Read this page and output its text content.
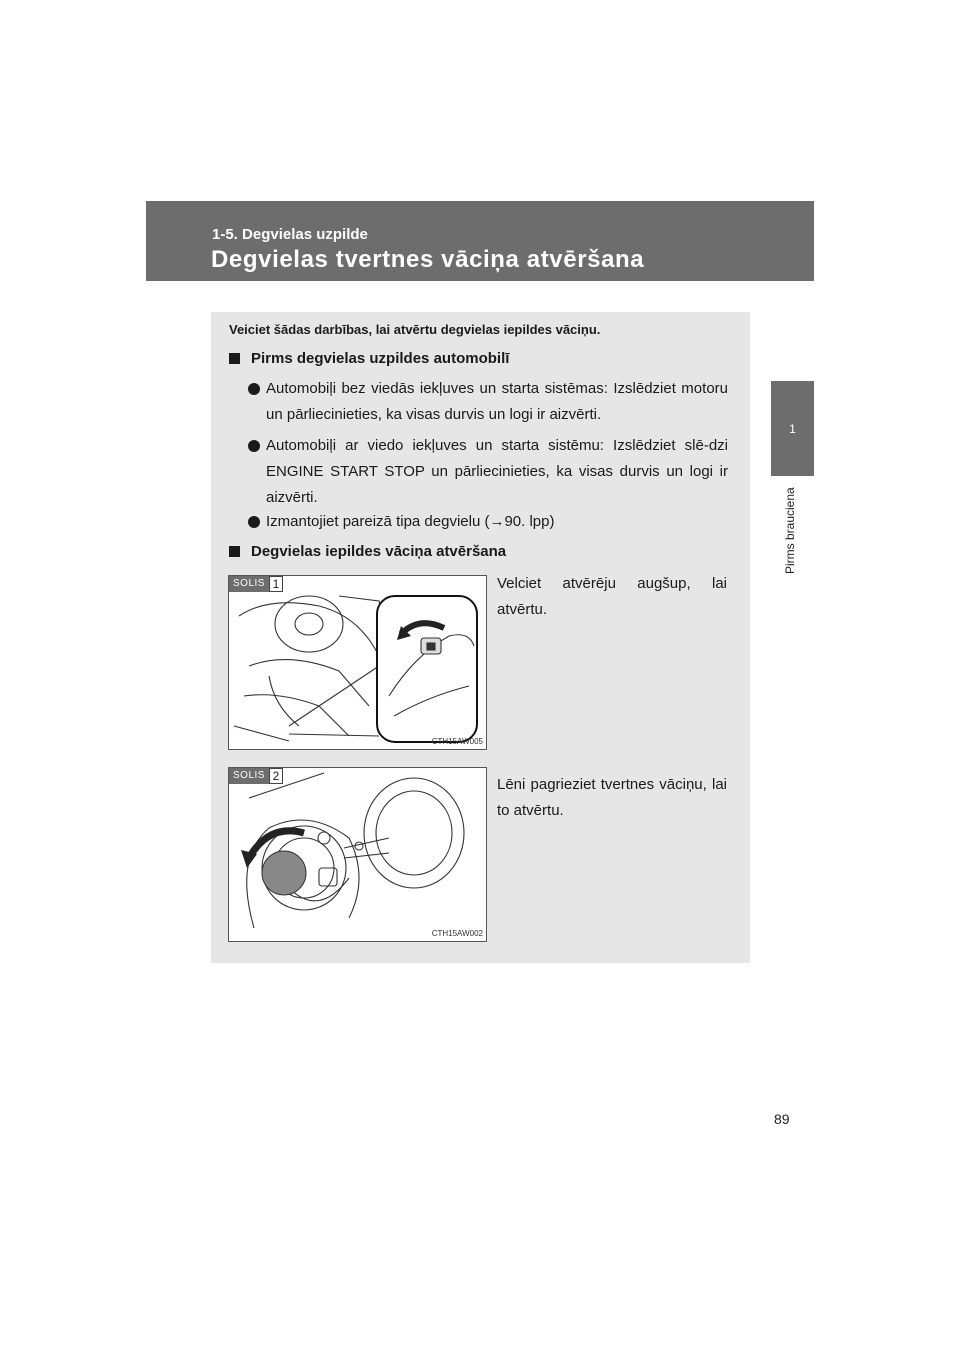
1-5. Degvielas uzpilde
Degvielas tvertnes vāciņa atvēršana
1
Pirms brauciena
Veiciet šādas darbības, lai atvērtu degvielas iepildes vāciņu.
Pirms degvielas uzpildes automobilī
Automobiļi bez viedās iekļuves un starta sistēmas: Izslēdziet motoru un pārliecinieties, ka visas durvis un logi ir aizvērti.
Automobiļi ar viedo iekļuves un starta sistēmu: Izslēdziet slē-dzi ENGINE START STOP un pārliecinieties, ka visas durvis un logi ir aizvērti.
Izmantojiet pareizā tipa degvielu (→90. lpp)
Degvielas iepildes vāciņa atvēršana
SOLIS 1
CTH15AW005
Velciet atvērēju augšup, lai atvērtu.
SOLIS 2
CTH15AW002
Lēni pagrieziet tvertnes vāciņu, lai to atvērtu.
89
